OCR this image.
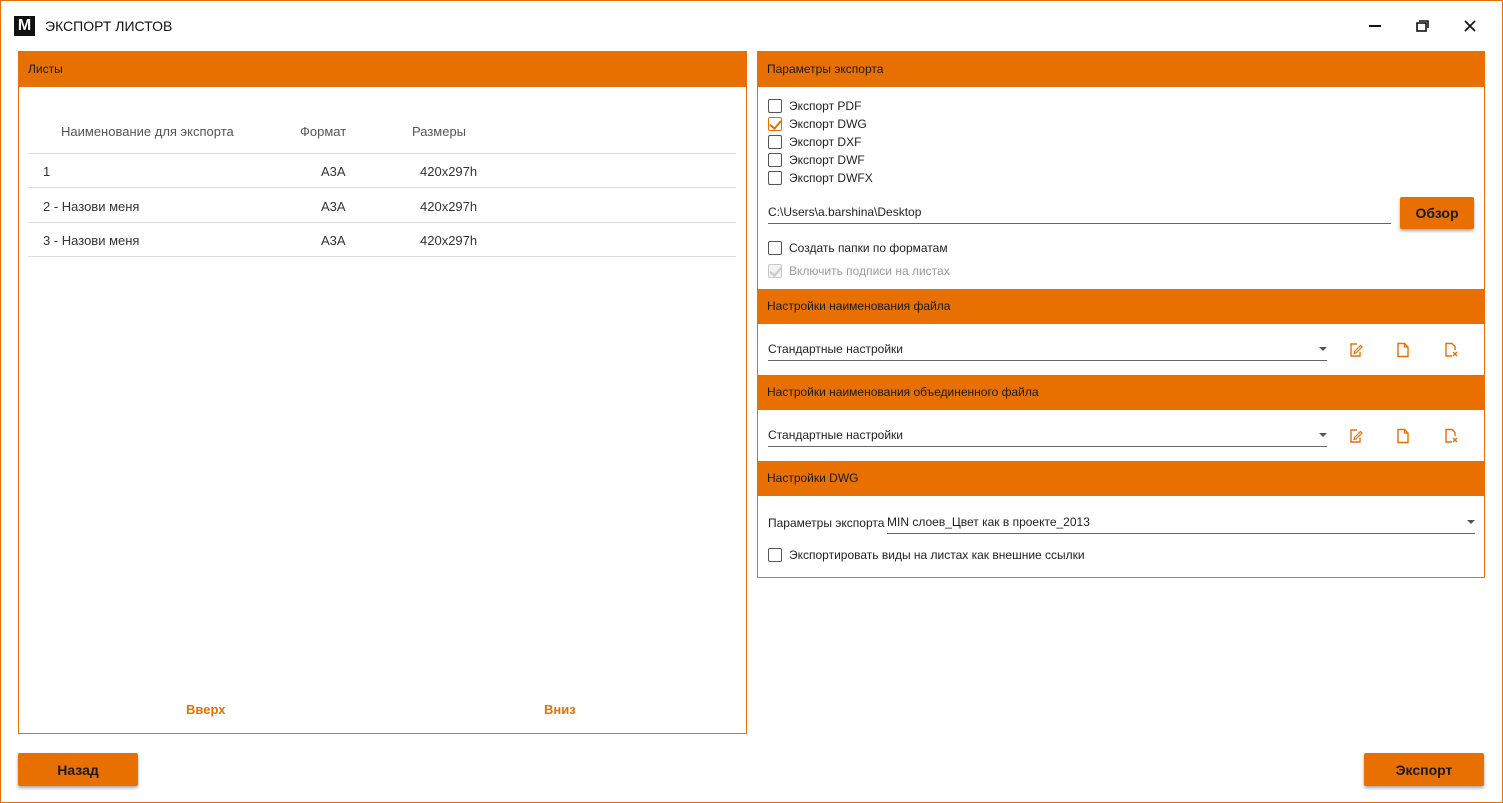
M ЭКСПОРТ ЛИСТОВ
Листы
Наименование для экспорта	Формат	Размеры
1	А3А	420x297h
2 - Назови меня	А3А	420x297h
3 - Назови меня	А3А	420x297h
Вверх	Вниз
Параметры экспорта
Экспорт PDF
Экспорт DWG
Экспорт DXF
Экспорт DWF
Экспорт DWFX
C:\Users\a.barshina\Desktop	Обзор
Создать папки по форматам
Включить подписи на листах
Настройки наименования файла
Стандартные настройки
Настройки наименования объединенного файла
Стандартные настройки
Настройки DWG
Параметры экспорта MIN слоев_Цвет как в проекте_2013
Экспортировать виды на листах как внешние ссылки
Назад	Экспорт
